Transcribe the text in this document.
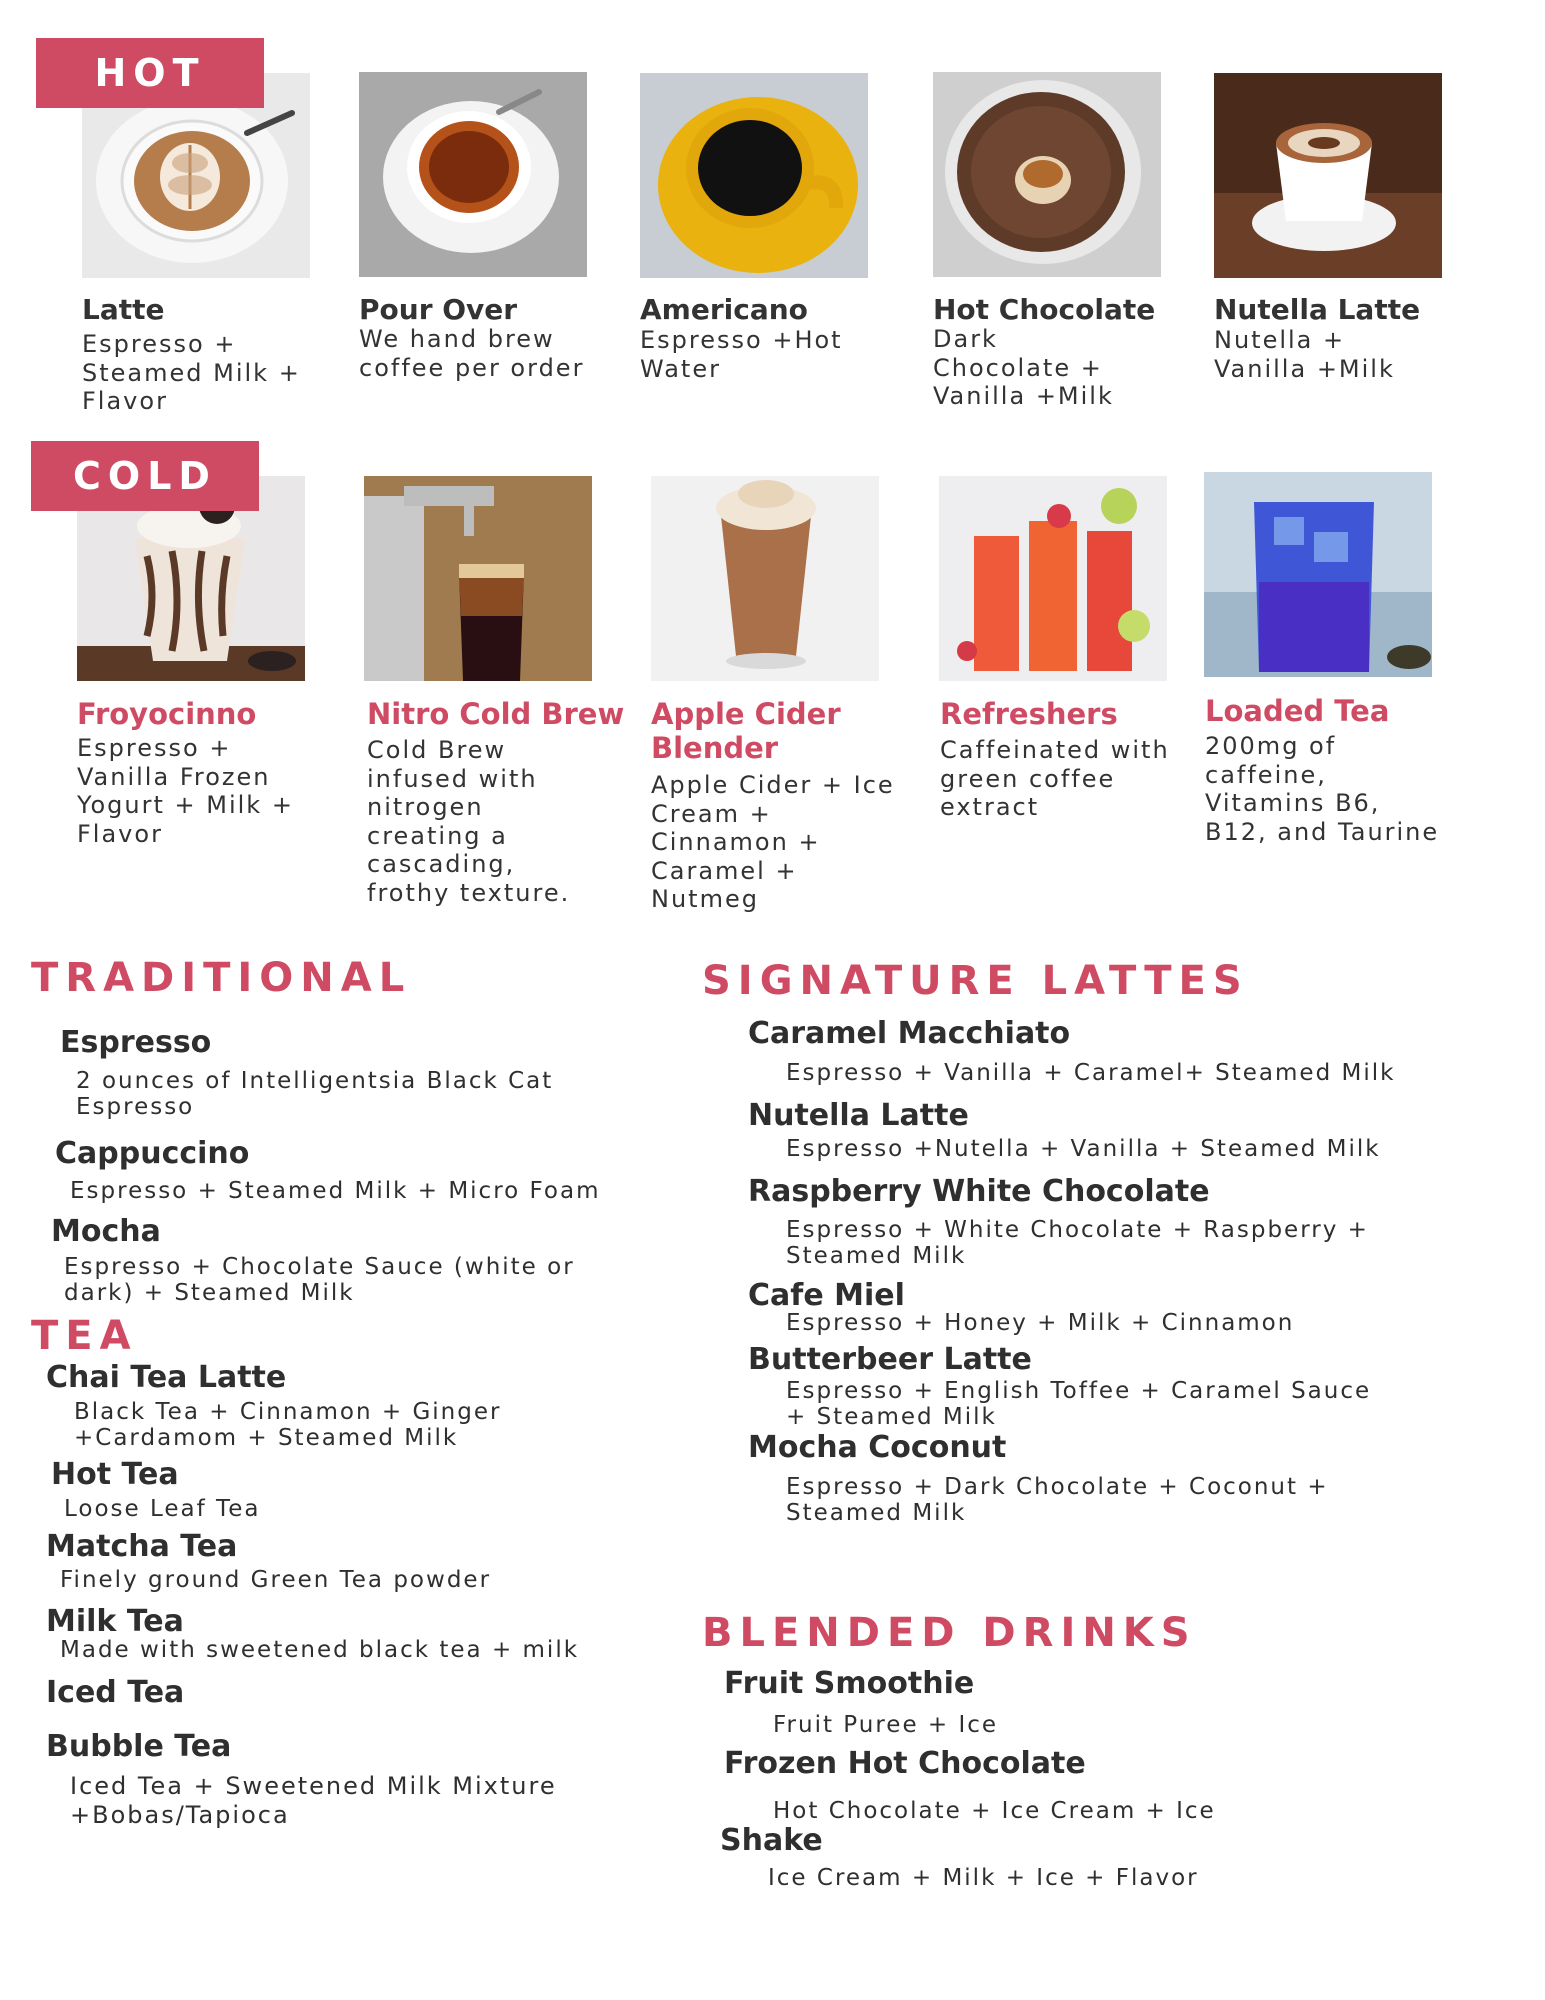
HOT
Latte
Espresso + Steamed Milk + Flavor
Pour Over
We hand brew coffee per order
Americano
Espresso +Hot Water
Hot Chocolate
Dark Chocolate + Vanilla +Milk
Nutella Latte
Nutella + Vanilla +Milk
COLD
Froyocinno
Espresso + Vanilla Frozen Yogurt + Milk + Flavor
Nitro Cold Brew
Cold Brew infused with nitrogen creating a cascading, frothy texture.
Apple Cider Blender
Apple Cider + Ice Cream + Cinnamon + Caramel + Nutmeg
Refreshers
Caffeinated with green coffee extract
Loaded Tea
200mg of caffeine, Vitamins B6, B12, and Taurine
TRADITIONAL
Espresso
2 ounces of Intelligentsia Black Cat Espresso
Cappuccino
Espresso + Steamed Milk + Micro Foam
Mocha
Espresso + Chocolate Sauce (white or dark) + Steamed Milk
TEA
Chai Tea Latte
Black Tea + Cinnamon + Ginger +Cardamom + Steamed Milk
Hot Tea
Loose Leaf Tea
Matcha Tea
Finely ground Green Tea powder
Milk Tea
Made with sweetened black tea + milk
Iced Tea
Bubble Tea
Iced Tea + Sweetened Milk Mixture +Bobas/Tapioca
SIGNATURE LATTES
Caramel Macchiato
Espresso + Vanilla + Caramel+ Steamed Milk
Nutella Latte
Espresso +Nutella + Vanilla + Steamed Milk
Raspberry White Chocolate
Espresso + White Chocolate + Raspberry + Steamed Milk
Cafe Miel
Espresso + Honey + Milk + Cinnamon
Butterbeer Latte
Espresso + English Toffee + Caramel Sauce + Steamed Milk
Mocha Coconut
Espresso + Dark Chocolate + Coconut + Steamed Milk
BLENDED DRINKS
Fruit Smoothie
Fruit Puree + Ice
Frozen Hot Chocolate
Hot Chocolate + Ice Cream + Ice
Shake
Ice Cream + Milk + Ice + Flavor
